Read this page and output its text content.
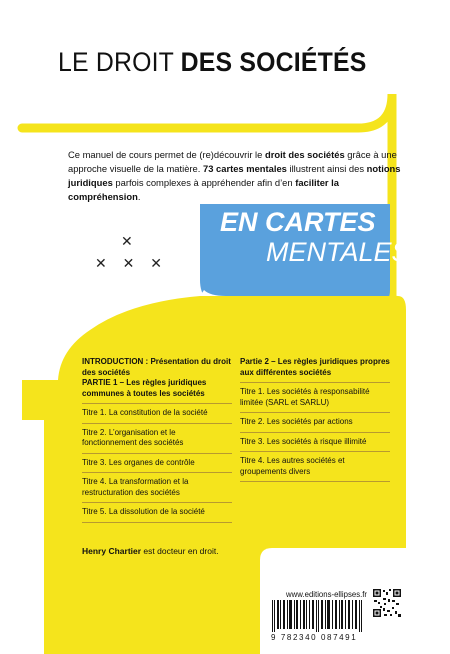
LE DROIT DES SOCIÉTÉS
Ce manuel de cours permet de (re)découvrir le droit des sociétés grâce à une approche visuelle de la matière. 73 cartes mentales illustrent ainsi des notions juridiques parfois complexes à appréhender afin d’en faciliter la compréhension.
✕
✕ ✕ ✕
EN CARTES
MENTALES
INTRODUCTION : Présentation du droit des sociétés
PARTIE 1 – Les règles juridiques communes à toutes les sociétés
Titre 1. La constitution de la société
Titre 2. L’organisation et le fonctionnement des sociétés
Titre 3. Les organes de contrôle
Titre 4. La transformation et la restructuration des sociétés
Titre 5. La dissolution de la société
Partie 2 – Les règles juridiques propres aux différentes sociétés
Titre 1. Les sociétés à responsabilité limitée (SARL et SARLU)
Titre 2. Les sociétés par actions
Titre 3. Les sociétés à risque illimité
Titre 4. Les autres sociétés et groupements divers
Henry Chartier est docteur en droit.
www.editions-ellipses.fr
9 782340 087491
